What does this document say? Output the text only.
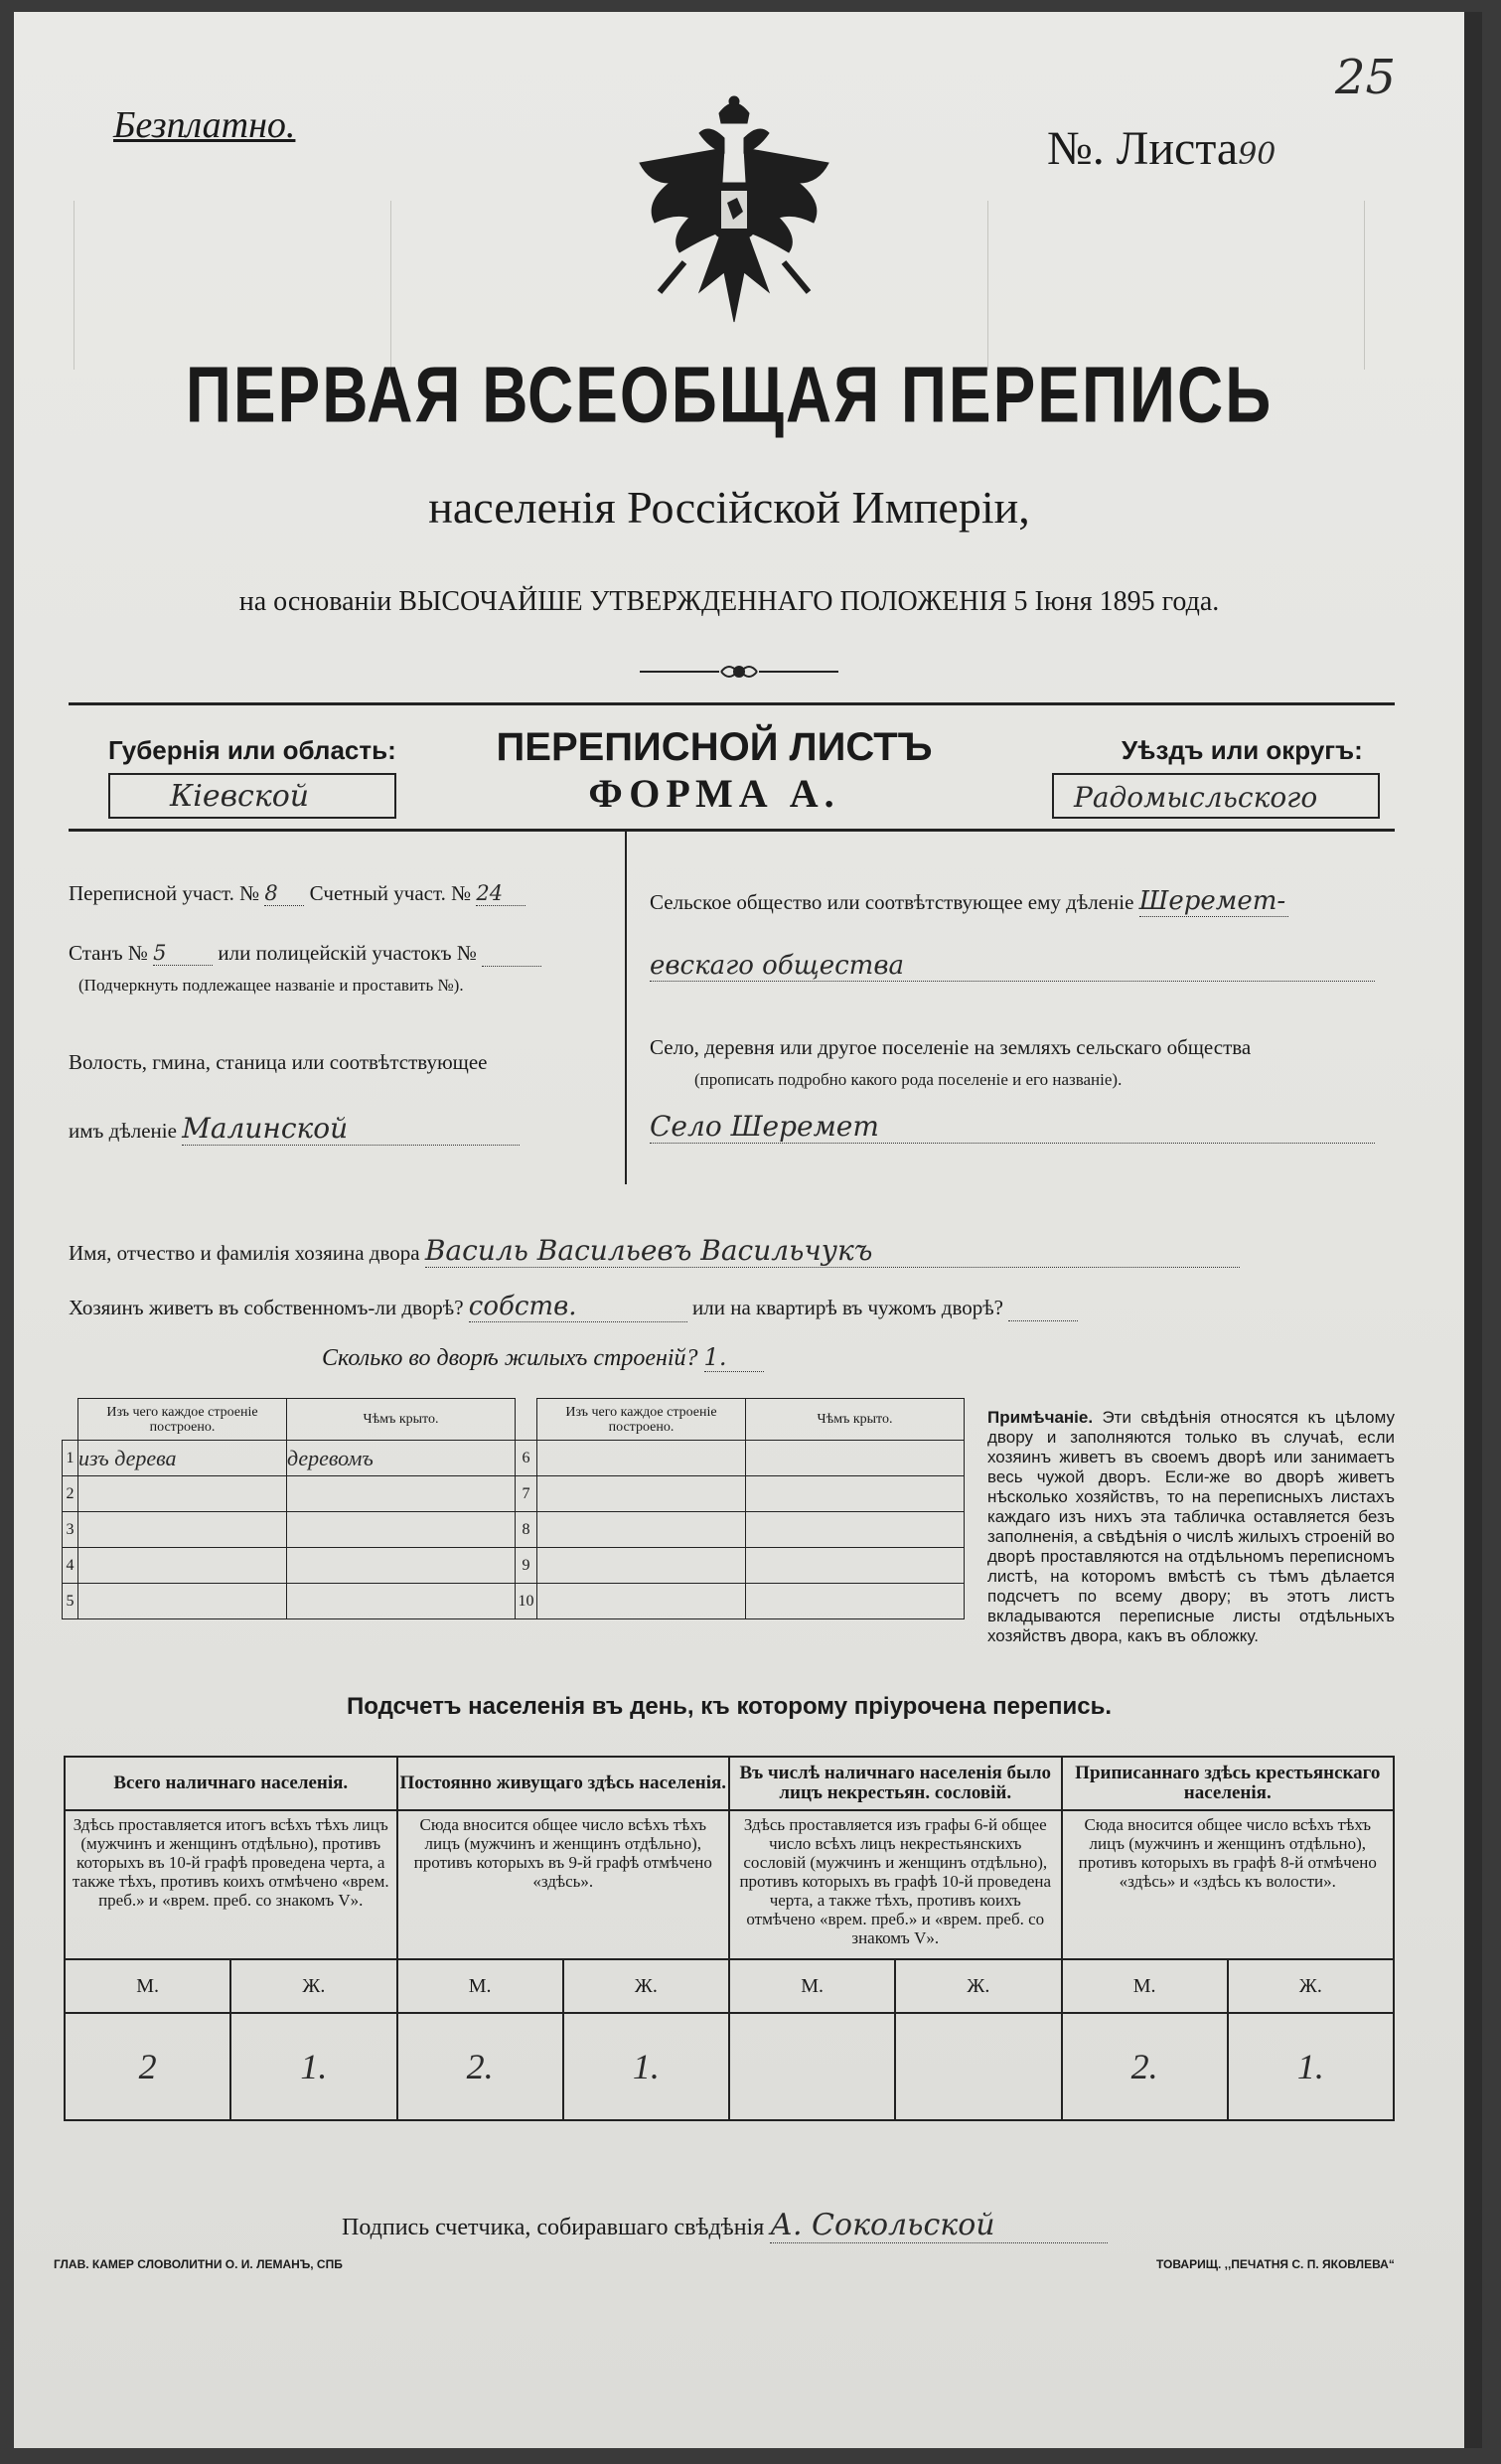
Безплатно.	№. Листа90
25
ПЕРВАЯ ВСЕОБЩАЯ ПЕРЕПИСЬ
населенія Россійской Имперіи,
на основаніи ВЫСОЧАЙШЕ УТВЕРЖДЕННАГО ПОЛОЖЕНІЯ 5 Іюня 1895 года.
Губернія или область:
Кіевской
ПЕРЕПИСНОЙ ЛИСТЪ
ФОРМА А.
Уѣздъ или округъ:
Радомысльского
Переписной участ. № 8 Счетный участ. № 24
Станъ № 5 или полицейскій участокъ №
(Подчеркнуть подлежащее названіе и проставить №).
Волость, гмина, станица или соотвѣтствующее
имъ дѣленіе Малинской
Сельское общество или соотвѣтствующее ему дѣленіе Шеремет-
евскаго общества
Село, деревня или другое поселеніе на земляхъ сельскаго общества
(прописать подробно какого рода поселеніе и его названіе).
Село Шеремет
Имя, отчество и фамилія хозяина двора Василь Васильевъ Васильчукъ
Хозяинъ живетъ въ собственномъ-ли дворѣ? собств.	или на квартирѣ въ чужомъ дворѣ?
Сколько во дворѣ жилыхъ строеній? 1.
	Изъ чего каждое строеніе построено.	Чѣмъ крыто.		Изъ чего каждое строеніе построено.	Чѣмъ крыто.
1	изъ дерева	деревомъ	6		
2			7		
3			8		
4			9		
5			10		
Примѣчаніе. Эти свѣдѣнія относятся къ цѣлому двору и заполняются только въ случаѣ, если хозяинъ живетъ въ своемъ дворѣ или занимаетъ весь чужой дворъ. Если-же во дворѣ живетъ нѣсколько хозяйствъ, то на переписныхъ листахъ каждаго изъ нихъ эта табличка оставляется безъ заполненія, а свѣдѣнія о числѣ жилыхъ строеній во дворѣ проставляются на отдѣльномъ переписномъ листѣ, на которомъ вмѣстѣ съ тѣмъ дѣлается подсчетъ по всему двору; въ этотъ листъ вкладываются переписные листы отдѣльныхъ хозяйствъ двора, какъ въ обложку.
Подсчетъ населенія въ день, къ которому пріурочена перепись.
Всего наличнаго населенія.		Постоянно живущаго здѣсь населенія.		Въ числѣ наличнаго населенія было лицъ некрестьян. сословій.		Приписаннаго здѣсь крестьянскаго населенія.	
Здѣсь проставляется итогъ всѣхъ тѣхъ лицъ (мужчинъ и женщинъ отдѣльно), противъ которыхъ въ 10-й графѣ проведена черта, а также тѣхъ, противъ коихъ отмѣчено «врем. преб.» и «врем. преб. со знакомъ V».		Сюда вносится общее число всѣхъ тѣхъ лицъ (мужчинъ и женщинъ отдѣльно), противъ которыхъ въ 9-й графѣ отмѣчено «здѣсь».		Здѣсь проставляется изъ графы 6-й общее число всѣхъ лицъ некрестьянскихъ сословій (мужчинъ и женщинъ отдѣльно), противъ которыхъ въ графѣ 10-й проведена черта, а также тѣхъ, противъ коихъ отмѣчено «врем. преб.» и «врем. преб. со знакомъ V».		Сюда вносится общее число всѣхъ тѣхъ лицъ (мужчинъ и женщинъ отдѣльно), противъ которыхъ въ графѣ 8-й отмѣчено «здѣсь» и «здѣсь къ волости».	
М.	Ж.	М.	Ж.	М.	Ж.	М.	Ж.
2	1.	2.	1.			2.	1.
Подпись счетчика, собиравшаго свѣдѣнія А. Сокольской
ГЛАВ. КАМЕР СЛОВОЛИТНИ О. И. ЛЕМАНЪ, СПБ	ТОВАРИЩ. ,,ПЕЧАТНЯ С. П. ЯКОВЛЕВА“
